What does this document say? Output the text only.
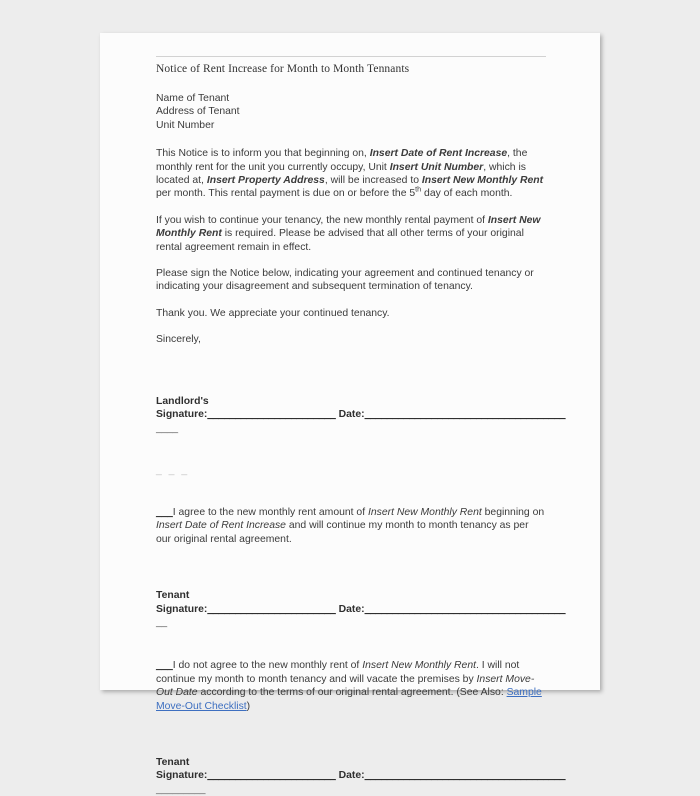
Notice of Rent Increase for Month to Month Tennants
Name of Tenant
Address of Tenant
Unit Number
This Notice is to inform you that beginning on, Insert Date of Rent Increase, the monthly rent for the unit you currently occupy, Unit Insert Unit Number, which is located at, Insert Property Address, will be increased to Insert New Monthly Rent per month. This rental payment is due on or before the 5th day of each month.
If you wish to continue your tenancy, the new monthly rental payment of Insert New Monthly Rent is required. Please be advised that all other terms of your original rental agreement remain in effect.
Please sign the Notice below, indicating your agreement and continued tenancy or indicating your disagreement and subsequent termination of tenancy.
Thank you. We appreciate your continued tenancy.
Sincerely,
Landlord's
Signature:_______________________ Date:____________________________________
____
_ _ _
___I agree to the new monthly rent amount of Insert New Monthly Rent beginning on Insert Date of Rent Increase and will continue my month to month tenancy as per our original rental agreement.
Tenant
Signature:_______________________ Date:____________________________________
__
___I do not agree to the new monthly rent of Insert New Monthly Rent. I will not continue my month to month tenancy and will vacate the premises by Insert Move-Out Date according to the terms of our original rental agreement. (See Also: Sample Move-Out Checklist)
Tenant
Signature:_______________________ Date:____________________________________
_________
